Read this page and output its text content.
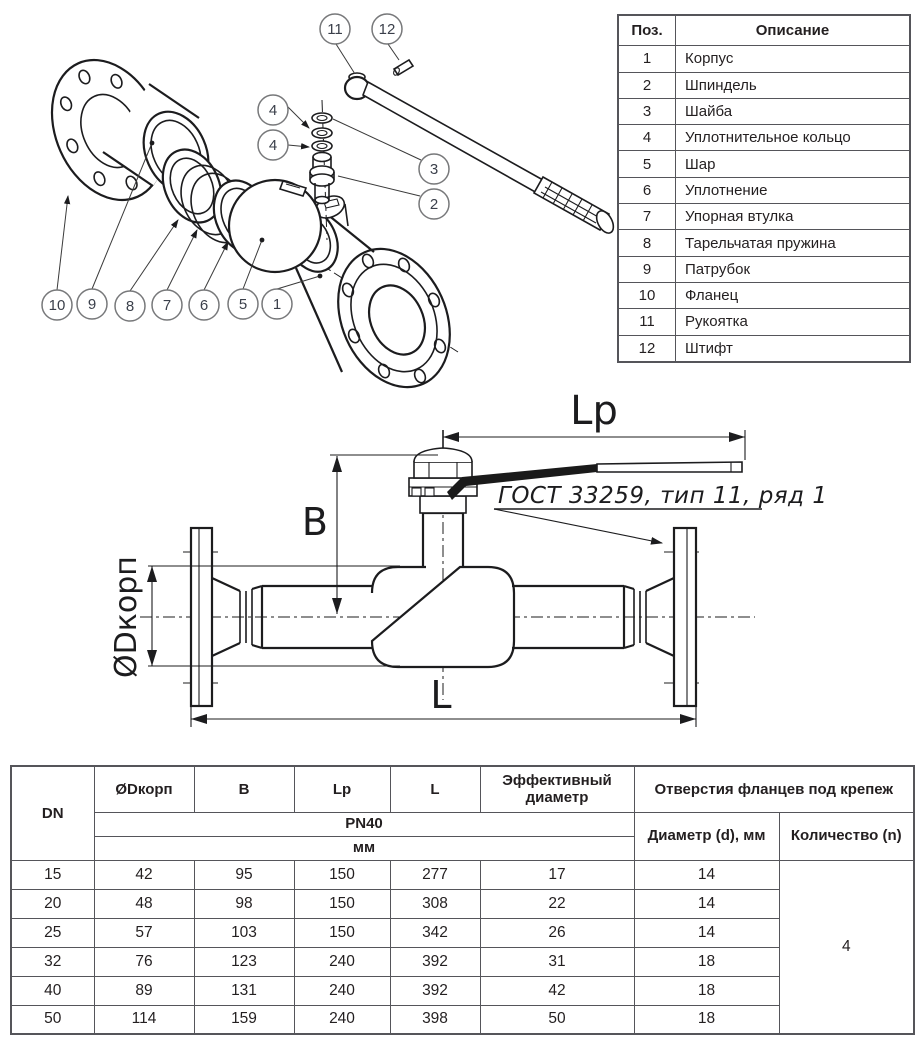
1
2
3
4
4
5
6
7
8
9
10
11 12	Поз.	Описание
1	Корпус
2	Шпиндель
3	Шайба
4	Уплотнительное кольцо
5	Шар
6	Уплотнение
7	Упорная втулка
8	Тарельчатая пружина
9	Патрубок
10	Фланец
11	Рукоятка
12	Штифт
Lp
B
ØDкорп
L
ГОСТ 33259, тип 11, ряд 1
DN	ØDкорп	B	Lp	L	Эффективный диаметр	Отверстия фланцев под крепеж	
	PN40					Диаметр (d), мм	Количество (n)
	мм						
15	42	95	150	277	17	14	4
20	48	98	150	308	22	14	
25	57	103	150	342	26	14	
32	76	123	240	392	31	18	
40	89	131	240	392	42	18	
50	114	159	240	398	50	18	
